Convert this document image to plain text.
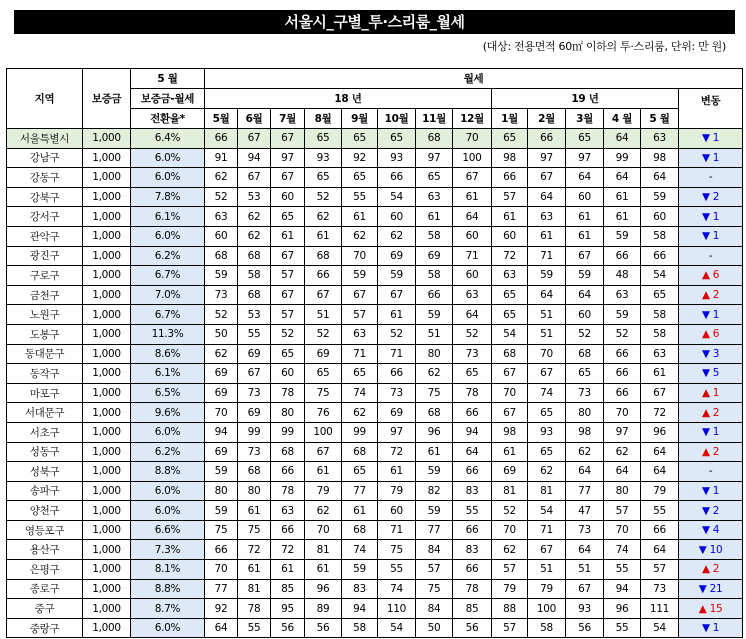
서울시_구별_투·스리룸_월세
(대상: 전용면적 60㎡ 이하의 투·스리룸, 단위: 만 원)
지역	보증금	5 월	월세													
		보증금-월세	18 년								19 년					변동
		전환율*	5월	6월	7월	8월	9월	10월	11월	12월	1월	2월	3월	4 월	5 월	
서울특별시	1,000	6.4%	66	67	67	65	65	65	68	70	65	66	65	64	63	▼ 1
강남구	1,000	6.0%	91	94	97	93	92	93	97	100	98	97	97	99	98	▼ 1
강동구	1,000	6.0%	62	67	67	65	65	66	65	67	66	67	64	64	64	-
강북구	1,000	7.8%	52	53	60	52	55	54	63	61	57	64	60	61	59	▼ 2
강서구	1,000	6.1%	63	62	65	62	61	60	61	64	61	63	61	61	60	▼ 1
관악구	1,000	6.0%	60	62	61	61	62	62	58	60	60	61	61	59	58	▼ 1
광진구	1,000	6.2%	68	68	67	68	70	69	69	71	72	71	67	66	66	-
구로구	1,000	6.7%	59	58	57	66	59	59	58	60	63	59	59	48	54	▲ 6
금천구	1,000	7.0%	73	68	67	67	67	67	66	63	65	64	64	63	65	▲ 2
노원구	1,000	6.7%	52	53	57	51	57	61	59	64	65	51	60	59	58	▼ 1
도봉구	1,000	11.3%	50	55	52	52	63	52	51	52	54	51	52	52	58	▲ 6
동대문구	1,000	8.6%	62	69	65	69	71	71	80	73	68	70	68	66	63	▼ 3
동작구	1,000	6.1%	69	67	60	65	65	66	62	65	67	67	65	66	61	▼ 5
마포구	1,000	6.5%	69	73	78	75	74	73	75	78	70	74	73	66	67	▲ 1
서대문구	1,000	9.6%	70	69	80	76	62	69	68	66	67	65	80	70	72	▲ 2
서초구	1,000	6.0%	94	99	99	100	99	97	96	94	98	93	98	97	96	▼ 1
성동구	1,000	6.2%	69	73	68	67	68	72	61	64	61	65	62	62	64	▲ 2
성북구	1,000	8.8%	59	68	66	61	65	61	59	66	69	62	64	64	64	-
송파구	1,000	6.0%	80	80	78	79	77	79	82	83	81	81	77	80	79	▼ 1
양천구	1,000	6.0%	59	61	63	62	61	60	59	55	52	54	47	57	55	▼ 2
영등포구	1,000	6.6%	75	75	66	70	68	71	77	66	70	71	73	70	66	▼ 4
용산구	1,000	7.3%	66	72	72	81	74	75	84	83	62	67	64	74	64	▼ 10
은평구	1,000	8.1%	70	61	61	61	59	55	57	66	57	51	51	55	57	▲ 2
종로구	1,000	8.8%	77	81	85	96	83	74	75	78	79	79	67	94	73	▼ 21
중구	1,000	8.7%	92	78	95	89	94	110	84	85	88	100	93	96	111	▲ 15
중랑구	1,000	6.0%	64	55	56	56	58	54	50	56	57	58	56	55	54	▼ 1
